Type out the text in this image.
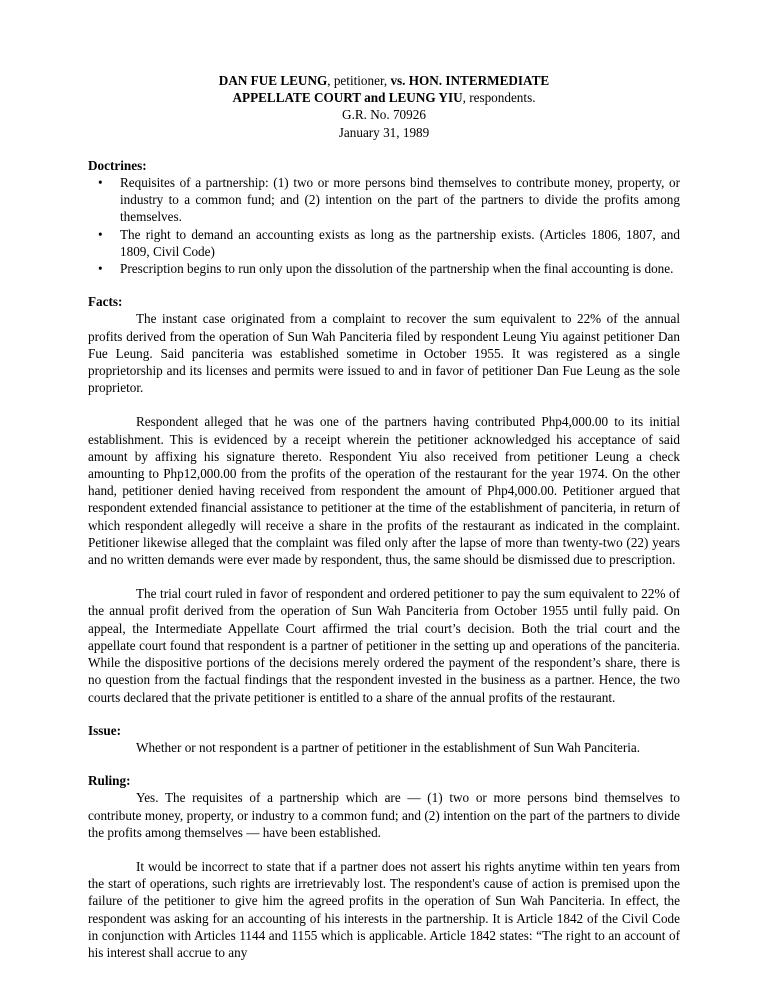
DAN FUE LEUNG, petitioner, vs. HON. INTERMEDIATE
APPELLATE COURT and LEUNG YIU, respondents.
G.R. No. 70926
January 31, 1989
Doctrines:
• Requisites of a partnership: (1) two or more persons bind themselves to contribute money, property, or industry to a common fund; and (2) intention on the part of the partners to divide the profits among themselves.
• The right to demand an accounting exists as long as the partnership exists. (Articles 1806, 1807, and 1809, Civil Code)
• Prescription begins to run only upon the dissolution of the partnership when the final accounting is done.
Facts:

The instant case originated from a complaint to recover the sum equivalent to 22% of the annual profits derived from the operation of Sun Wah Panciteria filed by respondent Leung Yiu against petitioner Dan Fue Leung. Said panciteria was established sometime in October 1955. It was registered as a single proprietorship and its licenses and permits were issued to and in favor of petitioner Dan Fue Leung as the sole proprietor.

Respondent alleged that he was one of the partners having contributed Php4,000.00 to its initial establishment. This is evidenced by a receipt wherein the petitioner acknowledged his acceptance of said amount by affixing his signature thereto. Respondent Yiu also received from petitioner Leung a check amounting to Php12,000.00 from the profits of the operation of the restaurant for the year 1974. On the other hand, petitioner denied having received from respondent the amount of Php4,000.00. Petitioner argued that respondent extended financial assistance to petitioner at the time of the establishment of panciteria, in return of which respondent allegedly will receive a share in the profits of the restaurant as indicated in the complaint. Petitioner likewise alleged that the complaint was filed only after the lapse of more than twenty-two (22) years and no written demands were ever made by respondent, thus, the same should be dismissed due to prescription.

The trial court ruled in favor of respondent and ordered petitioner to pay the sum equivalent to 22% of the annual profit derived from the operation of Sun Wah Panciteria from October 1955 until fully paid. On appeal, the Intermediate Appellate Court affirmed the trial court’s decision. Both the trial court and the appellate court found that respondent is a partner of petitioner in the setting up and operations of the panciteria. While the dispositive portions of the decisions merely ordered the payment of the respondent’s share, there is no question from the factual findings that the respondent invested in the business as a partner. Hence, the two courts declared that the private petitioner is entitled to a share of the annual profits of the restaurant.

Issue:

Whether or not respondent is a partner of petitioner in the establishment of Sun Wah Panciteria.

Ruling:

Yes. The requisites of a partnership which are — (1) two or more persons bind themselves to contribute money, property, or industry to a common fund; and (2) intention on the part of the partners to divide the profits among themselves — have been established.

It would be incorrect to state that if a partner does not assert his rights anytime within ten years from the start of operations, such rights are irretrievably lost. The respondent's cause of action is premised upon the failure of the petitioner to give him the agreed profits in the operation of Sun Wah Panciteria. In effect, the respondent was asking for an accounting of his interests in the partnership. It is Article 1842 of the Civil Code in conjunction with Articles 1144 and 1155 which is applicable. Article 1842 states: “The right to an account of his interest shall accrue to any
